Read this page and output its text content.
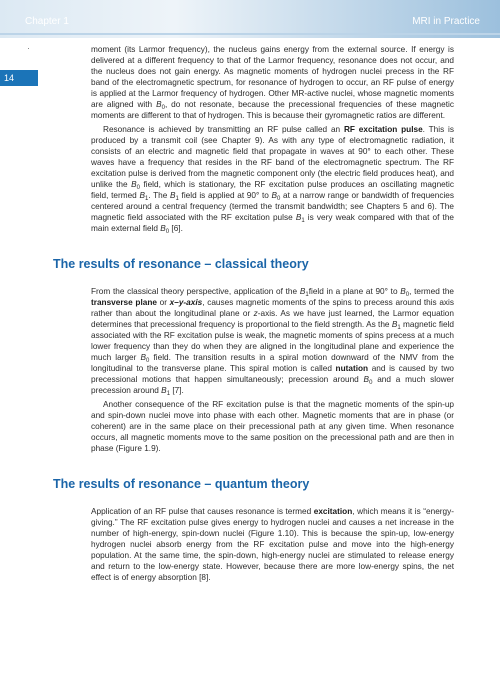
Chapter 1	MRI in Practice
14

moment (its Larmor frequency), the nucleus gains energy from the external source. If energy is delivered at a different frequency to that of the Larmor frequency, resonance does not occur, and the nucleus does not gain energy. As magnetic moments of hydrogen nuclei precess in the RF band of the electromagnetic spectrum, for resonance of hydrogen to occur, an RF pulse of energy is applied at the Larmor frequency of hydrogen. Other MR-active nuclei, whose magnetic moments are aligned with $B_0$, do not resonate, because the precessional frequencies of these magnetic moments are different to that of hydrogen. This is because their gyromagnetic ratios are different.

Resonance is achieved by transmitting an RF pulse called an RF excitation pulse. This is produced by a transmit coil (see Chapter 9). As with any type of electromagnetic radiation, it consists of an electric and magnetic field that propagate in waves at 90° to each other. These waves have a frequency that resides in the RF band of the electromagnetic spectrum. The RF excitation pulse is derived from the magnetic component only (the electric field produces heat), and unlike the $B_0$ field, which is stationary, the RF excitation pulse produces an oscillating magnetic field, termed $B_1$. The $B_1$ field is applied at 90° to $B_0$ at a narrow range or bandwidth of frequencies centered around a central frequency (termed the transmit bandwidth; see Chapters 5 and 6). The magnetic field associated with the RF excitation pulse $B_1$ is very weak compared with that of the main external field $B_0$ [6].

The results of resonance – classical theory

From the classical theory perspective, application of the $B_1field$ in a plane at 90° to $B_0$, termed the transverse plane or x–y-axis, causes magnetic moments of the spins to precess around this axis rather than about the longitudinal plane or z-axis. As we have just learned, the Larmor equation determines that precessional frequency is proportional to the field strength. As the $B_1$ magnetic field associated with the RF excitation pulse is weak, the magnetic moments of spins precess at a much lower frequency than they do when they are aligned in the longitudinal plane and experience the much larger $B_0$ field. The transition results in a spiral motion downward of the NMV from the longitudinal to the transverse plane. This spiral motion is called nutation and is caused by two precessional motions that happen simultaneously; precession around $B_0$ and a much slower precession around $B_1$ [7].

Another consequence of the RF excitation pulse is that the magnetic moments of the spin-up and spin-down nuclei move into phase with each other. Magnetic moments that are in phase (or coherent) are in the same place on their precessional path at any given time. When resonance occurs, all magnetic moments move to the same position on the precessional path and are then in phase (Figure 1.9).

The results of resonance – quantum theory

Application of an RF pulse that causes resonance is termed excitation, which means it is “energy-giving.” The RF excitation pulse gives energy to hydrogen nuclei and causes a net increase in the number of high-energy, spin-down nuclei (Figure 1.10). This is because the spin-up, low-energy hydrogen nuclei absorb energy from the RF excitation pulse and move into the high-energy population. At the same time, the spin-down, high-energy nuclei are stimulated to release energy and return to the low-energy state. However, because there are more low-energy spins, the net effect is of energy absorption [8].
